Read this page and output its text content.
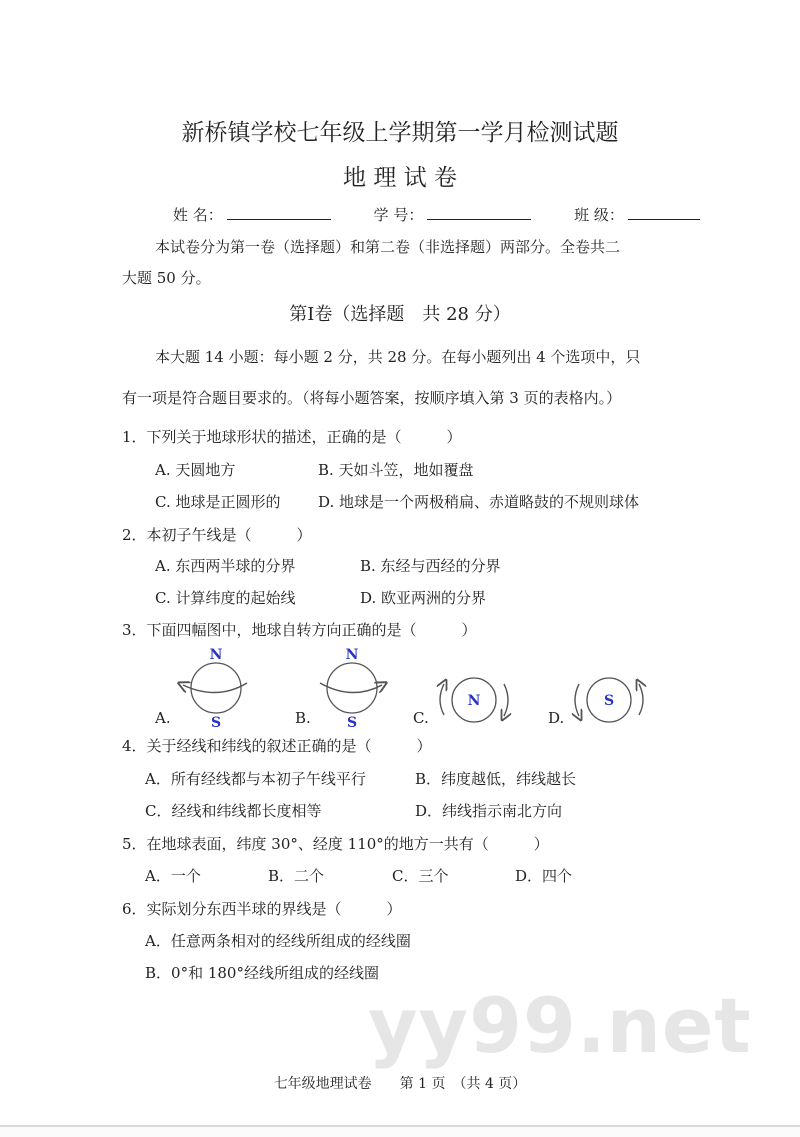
新桥镇学校七年级上学期第一学月检测试题
地 理 试 卷
姓 名：	学 号：	班 级：
本试卷分为第一卷（选择题）和第二卷（非选择题）两部分。全卷共二
大题 50 分。
第Ⅰ卷（选择题　共 28 分）
本大题 14 小题：每小题 2 分，共 28 分。在每小题列出 4 个选项中，只
有一项是符合题目要求的。（将每小题答案，按顺序填入第 3 页的表格内。）
1．下列关于地球形状的描述，正确的是（　　　）
A. 天圆地方	B. 天如斗笠，地如覆盘
C. 地球是正圆形的	D. 地球是一个两极稍扁、赤道略鼓的不规则球体
2．本初子午线是（　　　）
A. 东西两半球的分界	B. 东经与西经的分界
C. 计算纬度的起始线	D. 欧亚两洲的分界
3．下面四幅图中，地球自转方向正确的是（　　　）
A.	B.	C.	D.
N
S
N
S
N	S
4．关于经线和纬线的叙述正确的是（　　　）
A．所有经线都与本初子午线平行	B．纬度越低，纬线越长
C．经线和纬线都长度相等	D．纬线指示南北方向
5．在地球表面，纬度 30°、经度 110°的地方一共有（　　　）
A．一个	B．二个	C．三个	D．四个
6．实际划分东西半球的界线是（　　　）
A．任意两条相对的经线所组成的经线圈
B．0°和 180°经线所组成的经线圈
yy99.net
七年级地理试卷　　第 1 页　（共 4 页）
